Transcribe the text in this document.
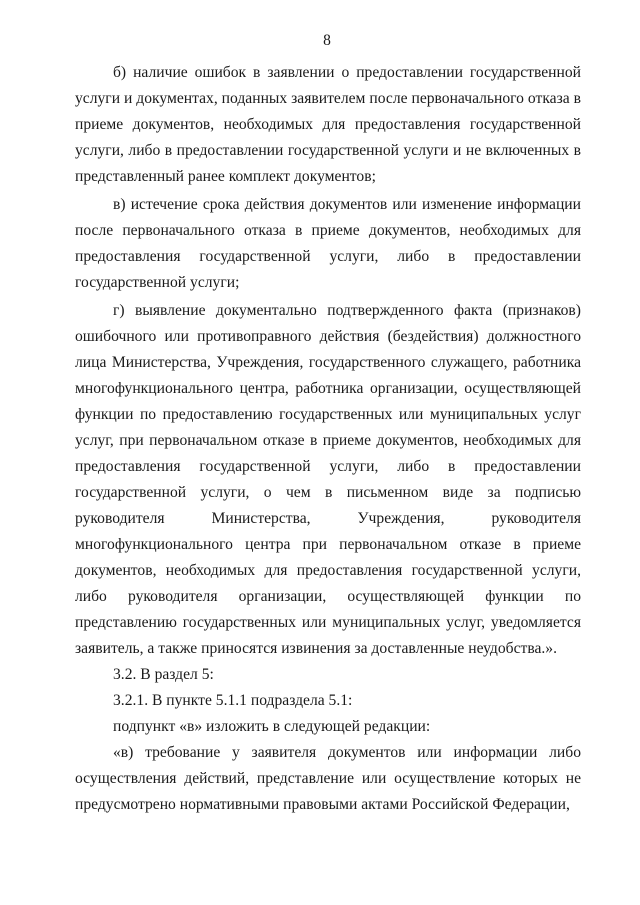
8

б) наличие ошибок в заявлении о предоставлении государственной услуги и документах, поданных заявителем после первоначального отказа в приеме документов, необходимых для предоставления государственной услуги, либо в предоставлении государственной услуги и не включенных в представленный ранее комплект документов;

в) истечение срока действия документов или изменение информации после первоначального отказа в приеме документов, необходимых для предоставления государственной услуги, либо в предоставлении государственной услуги;

г) выявление документально подтвержденного факта (признаков) ошибочного или противоправного действия (бездействия) должностного лица Министерства, Учреждения, государственного служащего, работника многофункционального центра, работника организации, осуществляющей функции по предоставлению государственных или муниципальных услуг услуг, при первоначальном отказе в приеме документов, необходимых для предоставления государственной услуги, либо в предоставлении государственной услуги, о чем в письменном виде за подписью руководителя Министерства, Учреждения, руководителя многофункционального центра при первоначальном отказе в приеме документов, необходимых для предоставления государственной услуги, либо руководителя организации, осуществляющей функции по представлению государственных или муниципальных услуг, уведомляется заявитель, а также приносятся извинения за доставленные неудобства.».

3.2. В раздел 5:

3.2.1. В пункте 5.1.1 подраздела 5.1:

подпункт «в» изложить в следующей редакции:

«в) требование у заявителя документов или информации либо осуществления действий, представление или осуществление которых не предусмотрено нормативными правовыми актами Российской Федерации,
